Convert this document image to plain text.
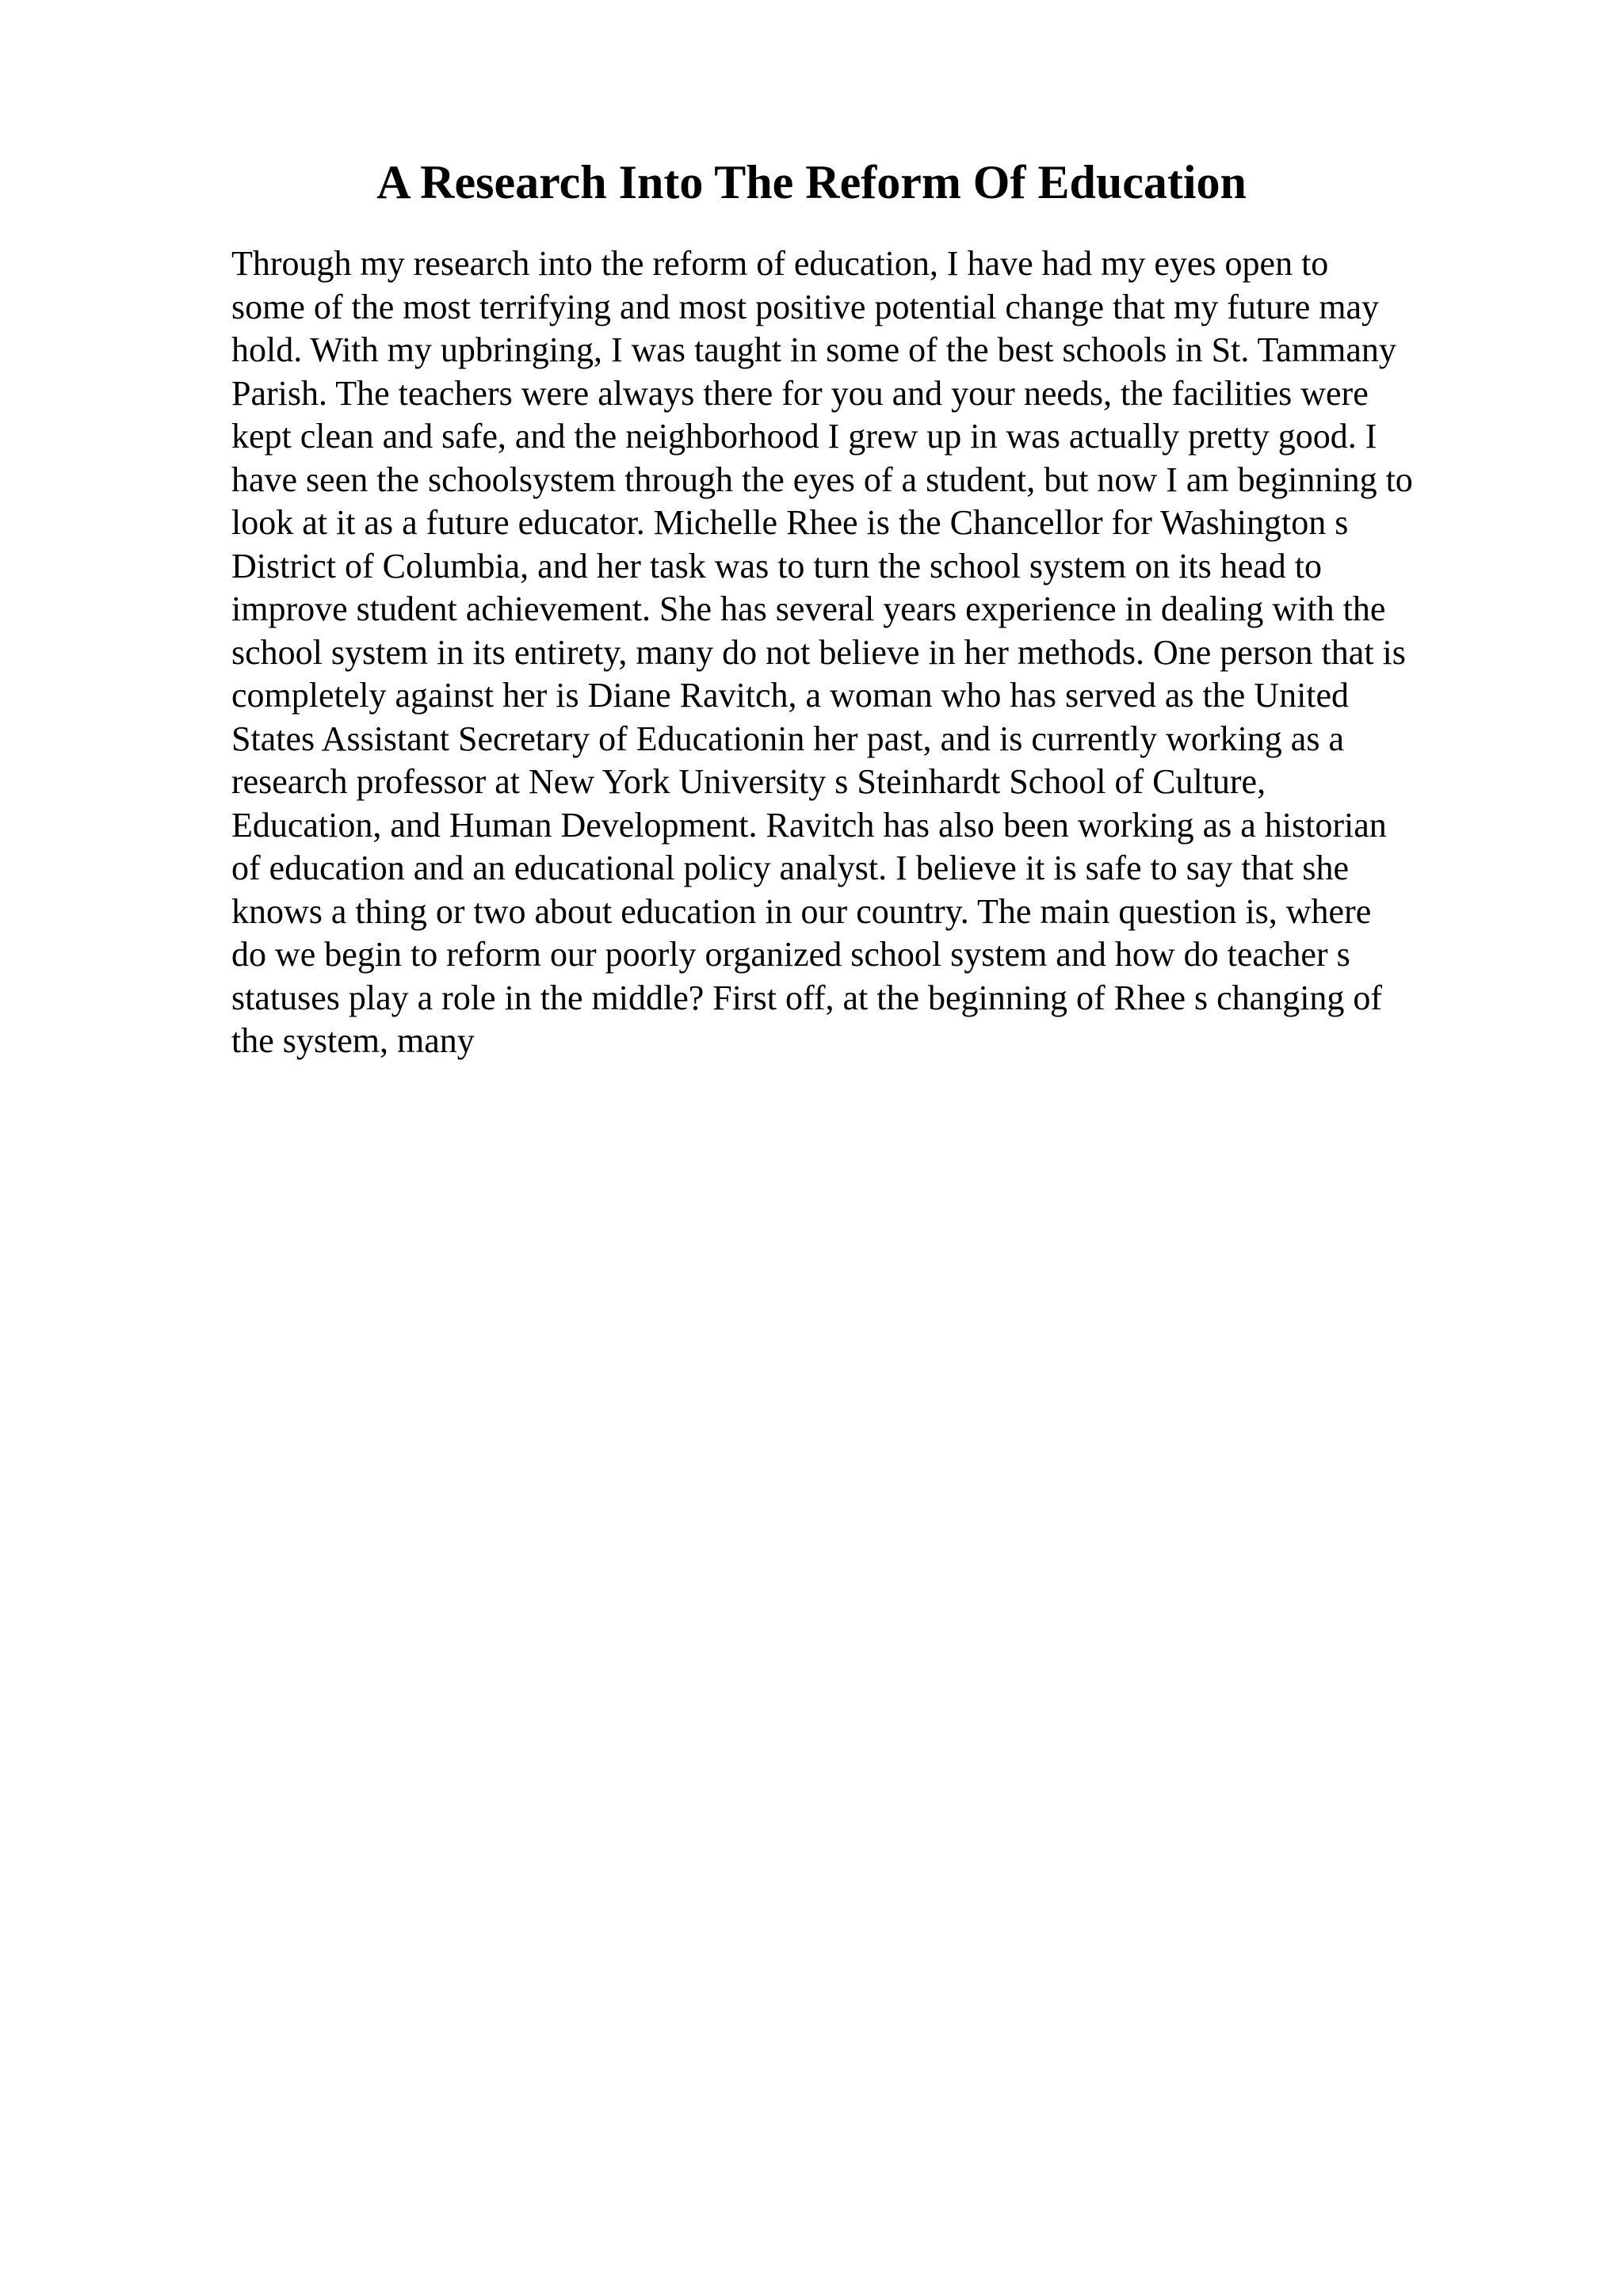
A Research Into The Reform Of Education
Through my research into the reform of education, I have had my eyes open to
some of the most terrifying and most positive potential change that my future may
hold. With my upbringing, I was taught in some of the best schools in St. Tammany
Parish. The teachers were always there for you and your needs, the facilities were
kept clean and safe, and the neighborhood I grew up in was actually pretty good. I
have seen the schoolsystem through the eyes of a student, but now I am beginning to
look at it as a future educator. Michelle Rhee is the Chancellor for Washington s
District of Columbia, and her task was to turn the school system on its head to
improve student achievement. She has several years experience in dealing with the
school system in its entirety, many do not believe in her methods. One person that is
completely against her is Diane Ravitch, a woman who has served as the United
States Assistant Secretary of Educationin her past, and is currently working as a
research professor at New York University s Steinhardt School of Culture,
Education, and Human Development. Ravitch has also been working as a historian
of education and an educational policy analyst. I believe it is safe to say that she
knows a thing or two about education in our country. The main question is, where
do we begin to reform our poorly organized school system and how do teacher s
statuses play a role in the middle? First off, at the beginning of Rhee s changing of
the system, many
